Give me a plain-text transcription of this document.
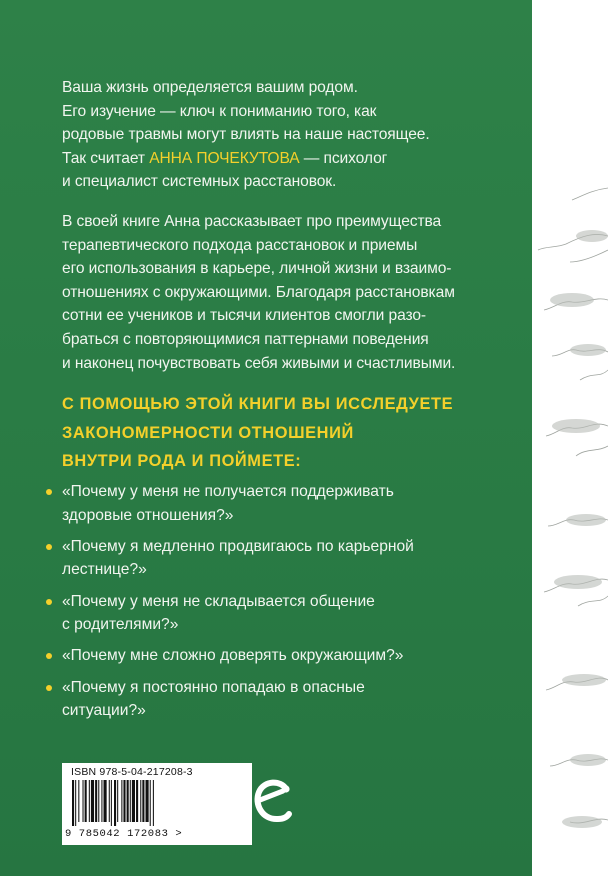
Ваша жизнь определяется вашим родом.
Его изучение — ключ к пониманию того, как
родовые травмы могут влиять на наше настоящее.
Так считает АННА ПОЧЕКУТОВА — психолог
и специалист системных расстановок.

В своей книге Анна рассказывает про преимущества
терапевтического подхода расстановок и приемы
его использования в карьере, личной жизни и взаимо-
отношениях с окружающими. Благодаря расстановкам
сотни ее учеников и тысячи клиентов смогли разо-
браться с повторяющимися паттернами поведения
и наконец почувствовать себя живыми и счастливыми.

С ПОМОЩЬЮ ЭТОЙ КНИГИ ВЫ ИССЛЕДУЕТЕ
ЗАКОНОМЕРНОСТИ ОТНОШЕНИЙ
ВНУТРИ РОДА И ПОЙМЕТЕ:
«Почему у меня не получается поддерживать
здоровые отношения?»
«Почему я медленно продвигаюсь по карьерной
лестнице?»
«Почему у меня не складывается общение
с родителями?»
«Почему мне сложно доверять окружающим?»
«Почему я постоянно попадаю в опасные
ситуации?»
ISBN 978-5-04-217208-3
9 785042 172083 >
